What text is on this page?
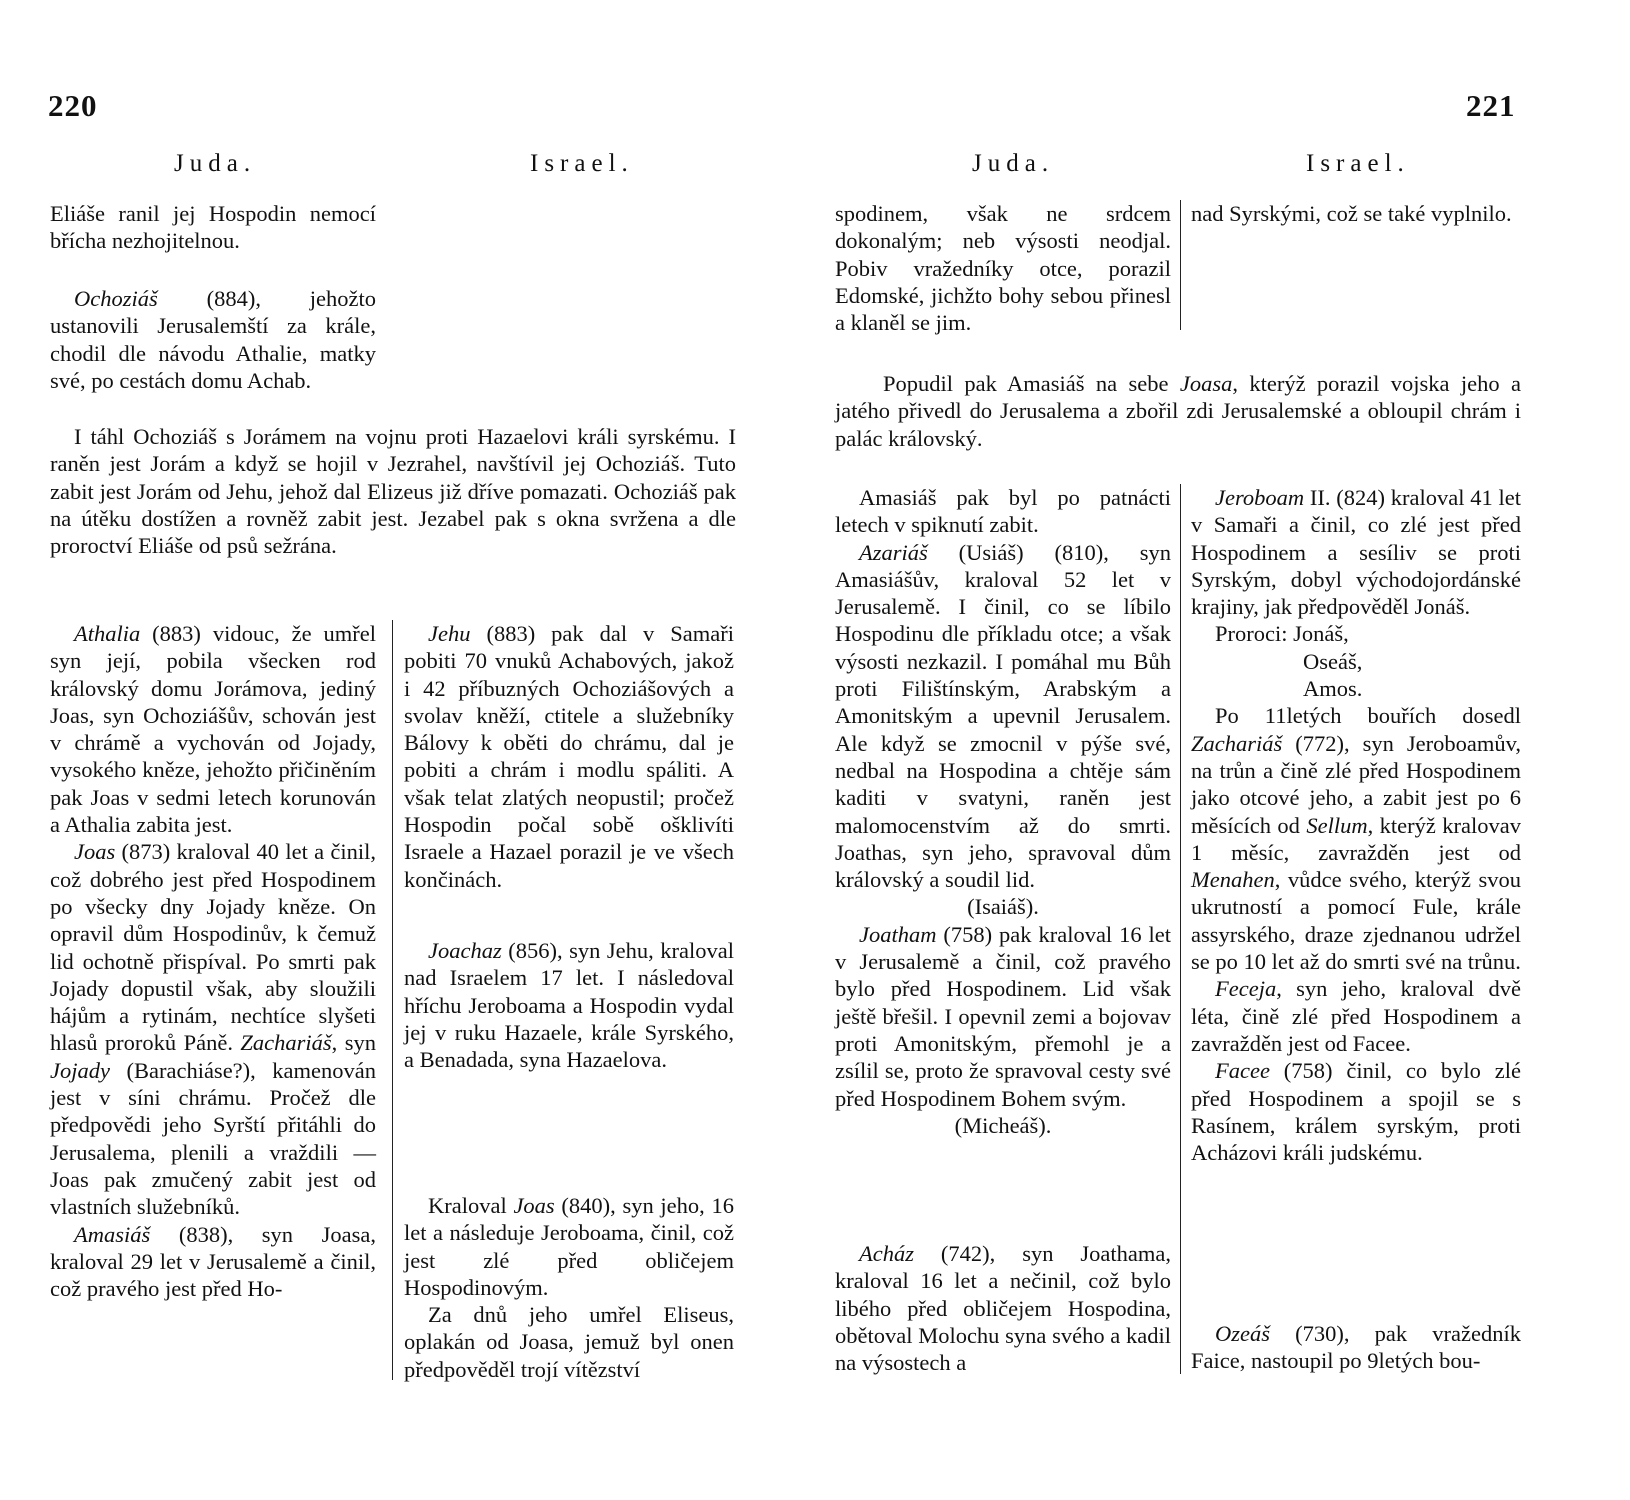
220
Juda.	Israel.

Eliáše ranil jej Hospodin nemocí břícha nezhojitelnou.

Ochoziáš (884), jehožto ustanovili Jerusalemští za krále, chodil dle návodu Athalie, matky své, po cestách domu Achab.

I táhl Ochoziáš s Jorámem na vojnu proti Hazaelovi králi syrskému. I raněn jest Jorám a když se hojil v Jezrahel, navštívil jej Ochoziáš. Tuto zabit jest Jorám od Jehu, jehož dal Elizeus již dříve pomazati. Ochoziáš pak na útěku dostížen a rovněž zabit jest. Jezabel pak s okna svržena a dle proroctví Eliáše od psů sežrána.

Athalia (883) vidouc, že umřel syn její, pobila všecken rod královský domu Jorámova, jediný Joas, syn Ochoziášův, schován jest v chrámě a vychován od Jojady, vysokého kněze, jehožto přičiněním pak Joas v sedmi letech korunován a Athalia zabita jest.

Joas (873) kraloval 40 let a činil, což dobrého jest před Hospodinem po všecky dny Jojady kněze. On opravil dům Hospodinův, k čemuž lid ochotně přispíval. Po smrti pak Jojady dopustil však, aby sloužili hájům a rytinám, nechtíce slyšeti hlasů proroků Páně. Zachariáš, syn Jojady (Barachiáse?), kamenován jest v síni chrámu. Pročež dle předpovědi jeho Syrští přitáhli do Jerusalema, plenili a vraždili — Joas pak zmučený zabit jest od vlastních služebníků.

Amasiáš (838), syn Joasa, kraloval 29 let v Jerusalemě a činil, což pravého jest před Ho-

Jehu (883) pak dal v Samaři pobiti 70 vnuků Achabových, jakož i 42 příbuzných Ochoziášových a svolav kněží, ctitele a služebníky Bálovy k oběti do chrámu, dal je pobiti a chrám i modlu spáliti. A však telat zlatých neopustil; pročež Hospodin počal sobě ošklivíti Israele a Hazael porazil je ve všech končinách.

Joachaz (856), syn Jehu, kraloval nad Israelem 17 let. I následoval hříchu Jeroboama a Hospodin vydal jej v ruku Hazaele, krále Syrského, a Benadada, syna Hazaelova.

Kraloval Joas (840), syn jeho, 16 let a následuje Jeroboama, činil, což jest zlé před obličejem Hospodinovým.

Za dnů jeho umřel Eliseus, oplakán od Joasa, jemuž byl onen předpověděl trojí vítězství

221
Juda.	Israel.

spodinem, však ne srdcem dokonalým; neb výsosti neodjal. Pobiv vražedníky otce, porazil Edomské, jichžto bohy sebou přinesl a klaněl se jim.

nad Syrskými, což se také vyplnilo.

Popudil pak Amasiáš na sebe Joasa, kterýž porazil vojska jeho a jatého přivedl do Jerusalema a zbořil zdi Jerusalemské a obloupil chrám i palác královský.

Amasiáš pak byl po patnácti letech v spiknutí zabit.

Azariáš (Usiáš) (810), syn Amasiášův, kraloval 52 let v Jerusalemě. I činil, co se líbilo Hospodinu dle příkladu otce; a však výsosti nezkazil. I pomáhal mu Bůh proti Filištínským, Arabským a Amonitským a upevnil Jerusalem. Ale když se zmocnil v pýše své, nedbal na Hospodina a chtěje sám kaditi v svatyni, raněn jest malomocenstvím až do smrti. Joathas, syn jeho, spravoval dům královský a soudil lid.

(Isaiáš).

Joatham (758) pak kraloval 16 let v Jerusalemě a činil, což pravého bylo před Hospodinem. Lid však ještě břešil. I opevnil zemi a bojovav proti Amonitským, přemohl je a zsílil se, proto že spravoval cesty své před Hospodinem Bohem svým.

(Micheáš).

Acház (742), syn Joathama, kraloval 16 let a nečinil, což bylo libého před obličejem Hospodina, obětoval Molochu syna svého a kadil na výsostech a

Jeroboam II. (824) kraloval 41 let v Samaři a činil, co zlé jest před Hospodinem a sesíliv se proti Syrským, dobyl východojordánské krajiny, jak předpověděl Jonáš.

Proroci: Jonáš,
Oseáš,
Amos.

Po 11letých bouřích dosedl Zachariáš (772), syn Jeroboamův, na trůn a čině zlé před Hospodinem jako otcové jeho, a zabit jest po 6 měsících od Sellum, kterýž kralovav 1 měsíc, zavražděn jest od Menahen, vůdce svého, kterýž svou ukrutností a pomocí Fule, krále assyrského, draze zjednanou udržel se po 10 let až do smrti své na trůnu.

Feceja, syn jeho, kraloval dvě léta, čině zlé před Hospodinem a zavražděn jest od Facee.

Facee (758) činil, co bylo zlé před Hospodinem a spojil se s Rasínem, králem syrským, proti Acházovi králi judskému.

Ozeáš (730), pak vražedník Faice, nastoupil po 9letých bou-
